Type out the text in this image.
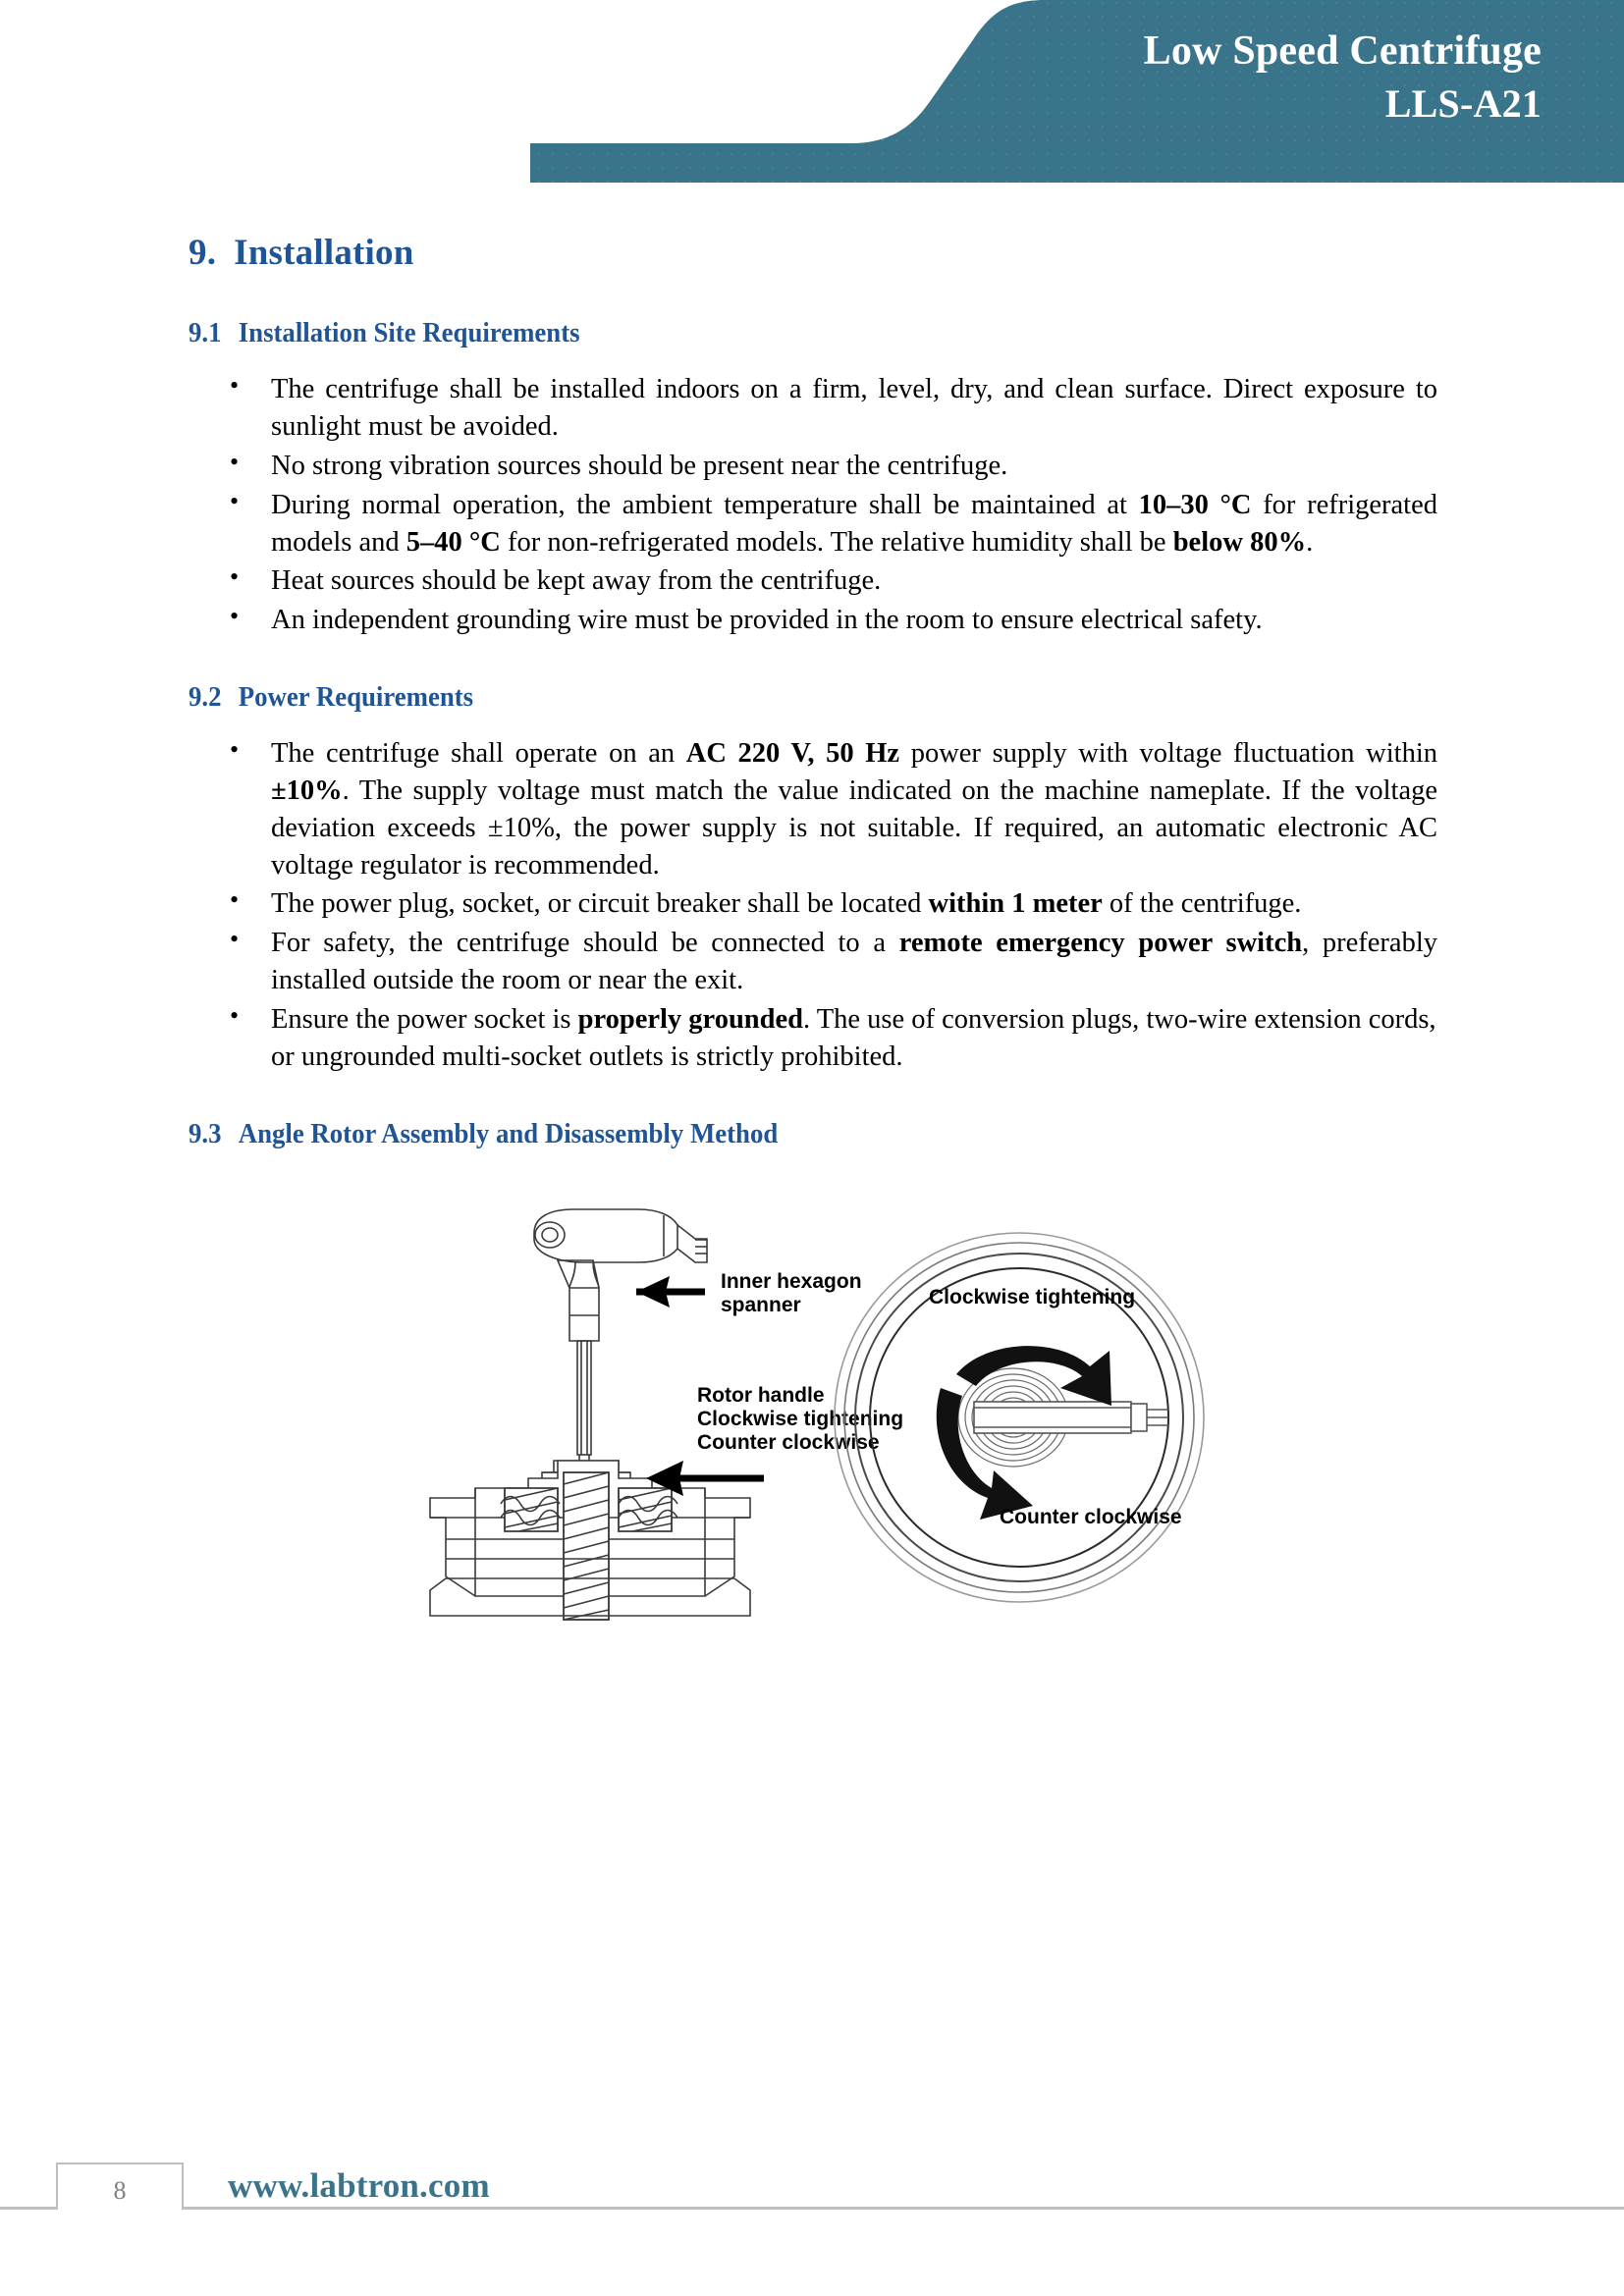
Low Speed Centrifuge
LLS-A21
9. Installation
9.1 Installation Site Requirements
• The centrifuge shall be installed indoors on a firm, level, dry, and clean surface. Direct exposure to sunlight must be avoided.
• No strong vibration sources should be present near the centrifuge.
• During normal operation, the ambient temperature shall be maintained at 10–30 °C for refrigerated models and 5–40 °C for non-refrigerated models. The relative humidity shall be below 80%.
• Heat sources should be kept away from the centrifuge.
• An independent grounding wire must be provided in the room to ensure electrical safety.
9.2 Power Requirements
• The centrifuge shall operate on an AC 220 V, 50 Hz power supply with voltage fluctuation within ±10%. The supply voltage must match the value indicated on the machine nameplate. If the voltage deviation exceeds ±10%, the power supply is not suitable. If required, an automatic electronic AC voltage regulator is recommended.
• The power plug, socket, or circuit breaker shall be located within 1 meter of the centrifuge.
• For safety, the centrifuge should be connected to a remote emergency power switch, preferably installed outside the room or near the exit.
• Ensure the power socket is properly grounded. The use of conversion plugs, two-wire extension cords, or ungrounded multi-socket outlets is strictly prohibited.
9.3 Angle Rotor Assembly and Disassembly Method
Inner hexagon
spanner
Rotor handle
Clockwise tightening
Counter clockwise
Clockwise tightening
Counter clockwise
8	www.labtron.com
